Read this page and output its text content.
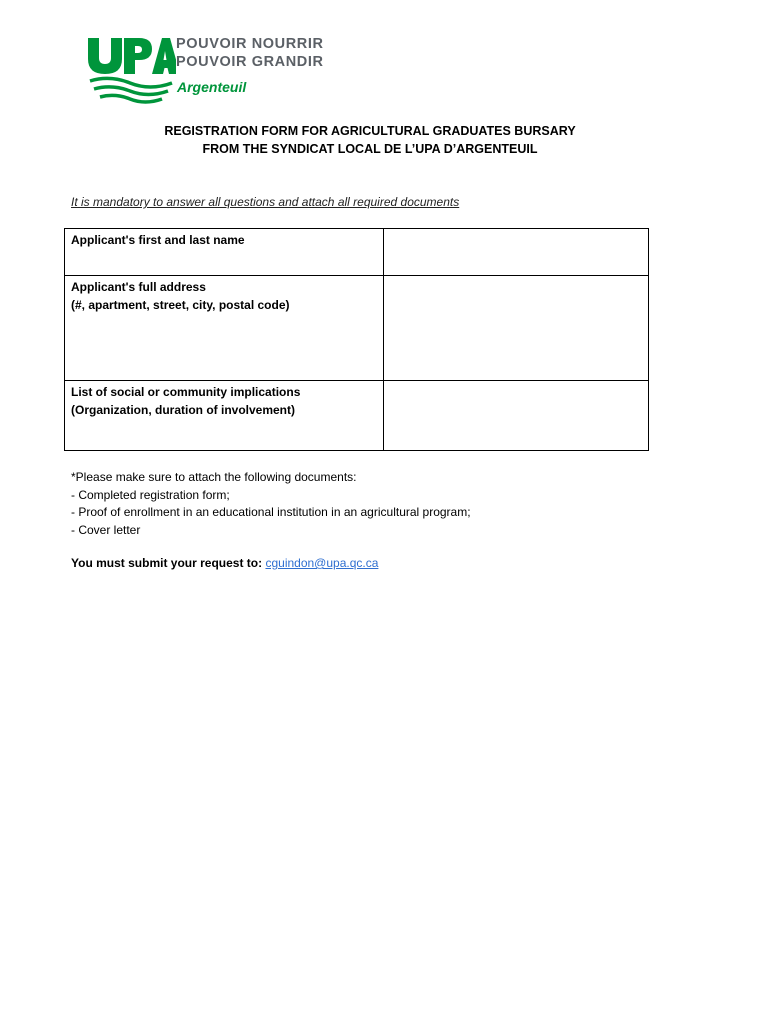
POUVOIR NOURRIR
POUVOIR GRANDIR
Argenteuil
REGISTRATION FORM FOR AGRICULTURAL GRADUATES BURSARY
FROM THE SYNDICAT LOCAL DE L’UPA D’ARGENTEUIL
It is mandatory to answer all questions and attach all required documents
Applicant's first and last name	

Applicant's full address
(#, apartment, street, city, postal code)	

List of social or community implications
(Organization, duration of involvement)	

*Please make sure to attach the following documents:
- Completed registration form;
- Proof of enrollment in an educational institution in an agricultural program;
- Cover letter
You must submit your request to: cguindon@upa.qc.ca
